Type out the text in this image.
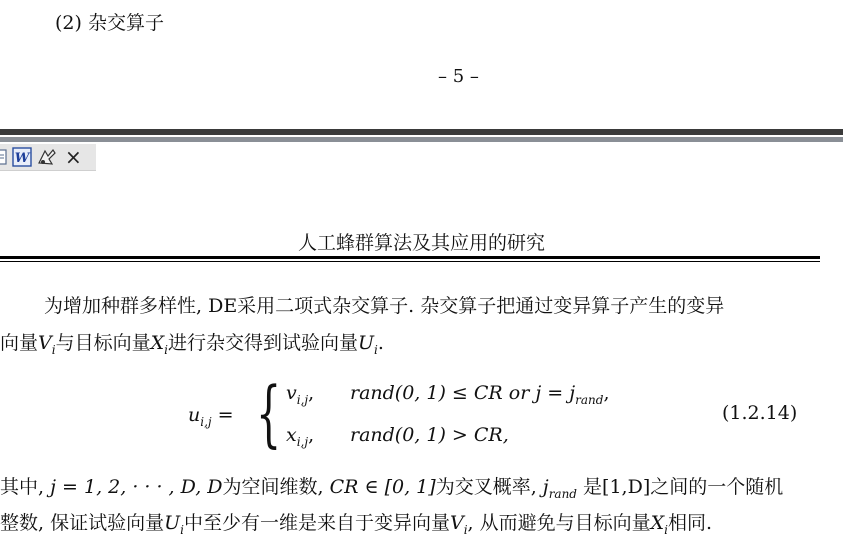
(2) 杂交算子
– 5 –
W ×
人工蜂群算法及其应用的研究
为增加种群多样性, DE采用二项式杂交算子. 杂交算子把通过变异算子产生的变异
向量$V_i$与目标向量$X_i$进行杂交得到试验向量$U_i$.
$u_{i,j}$ = { $v_{i,j}$, rand(0, 1) ≤ CR or $j = j_{rand}$,
$x_{i,j}$, rand(0, 1) > CR,
(1.2.14)
其中, j = 1, 2, · · · , D, D为空间维数, CR ∈ [0, 1]为交叉概率, $j_{rand}$ 是[1,D]之间的一个随机
整数, 保证试验向量$U_i$中至少有一维是来自于变异向量$V_i$, 从而避免与目标向量$X_i$相同.
